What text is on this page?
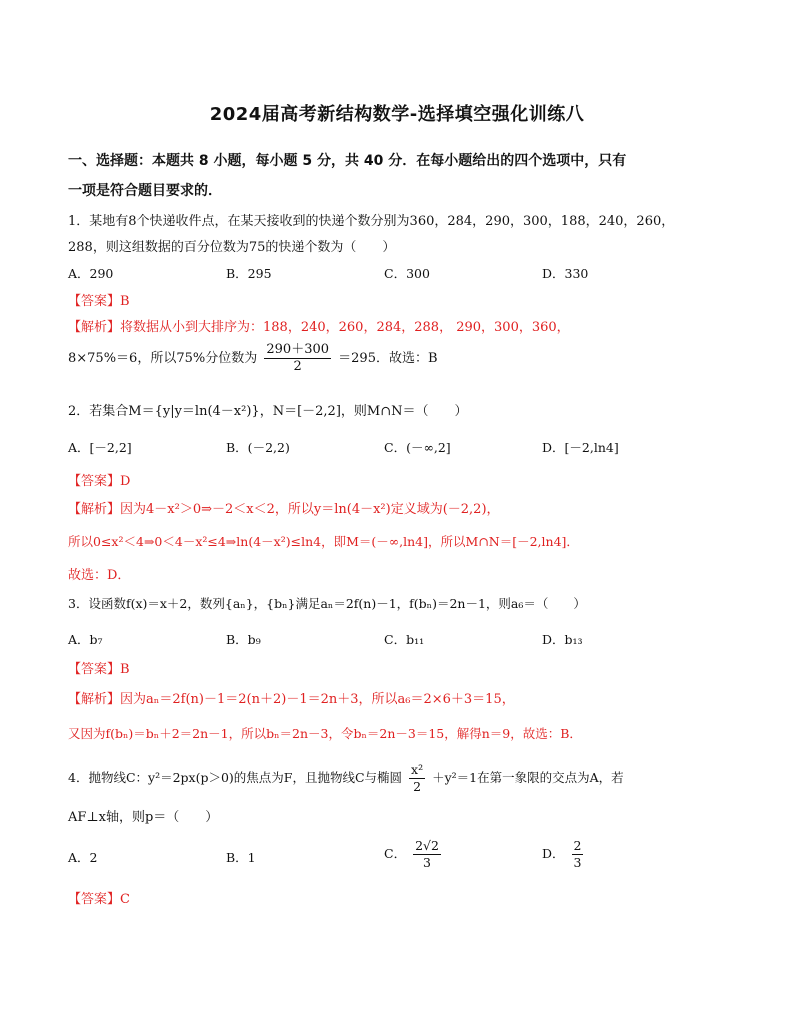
2024届高考新结构数学-选择填空强化训练八
一、选择题：本题共 8 小题，每小题 5 分，共 40 分．在每小题给出的四个选项中，只有
一项是符合题目要求的．
1．某地有8个快递收件点，在某天接收到的快递个数分别为360，284，290，300，188，240，260，
288，则这组数据的百分位数为75的快递个数为（　　）
A．290	B．295	C．300	D．330
【答案】B
【解析】将数据从小到大排序为：188，240，260，284，288， 290，300，360，
8×75%＝6，所以75%分位数为 $\frac{290+300}{2} =295$．故选：B
2．若集合M＝{y|y＝ln(4－x²)}，N＝[－2,2]，则M∩N＝（　　）
A．[－2,2]	B．(－2,2)	C．(－∞,2]	D．[－2,ln4]
【答案】D
【解析】因为4－x²＞0⇒－2＜x＜2，所以y＝ln(4－x²)定义域为(－2,2)，
所以0≤x²＜4⇒0＜4－x²≤4⇒ln(4－x²)≤ln4，即M＝(－∞,ln4]，所以M∩N＝[－2,ln4]．
故选：D．
3．设函数f(x)＝x＋2，数列{aₙ}，{bₙ}满足aₙ＝2f(n)－1，f(bₙ)＝2n－1，则a₆＝（　　）
A．b₇	B．b₉	C．b₁₁	D．b₁₃
【答案】B
【解析】因为aₙ＝2f(n)－1＝2(n＋2)－1＝2n＋3，所以a₆＝2×6＋3＝15，
又因为f(bₙ)＝bₙ＋2＝2n－1，所以bₙ＝2n－3，令bₙ＝2n－3＝15，解得n＝9，故选：B．
4．抛物线C：y²＝2px(p＞0)的焦点为F，且抛物线C与椭圆 $\frac{\text{x²}}{2} +y^2=1$在第一象限的交点为A，若
AF⊥x轴，则p＝（　　）
A．2	B．1	C． $\frac{2√2}{3}$	D． $\frac{2}{3}$
【答案】C
